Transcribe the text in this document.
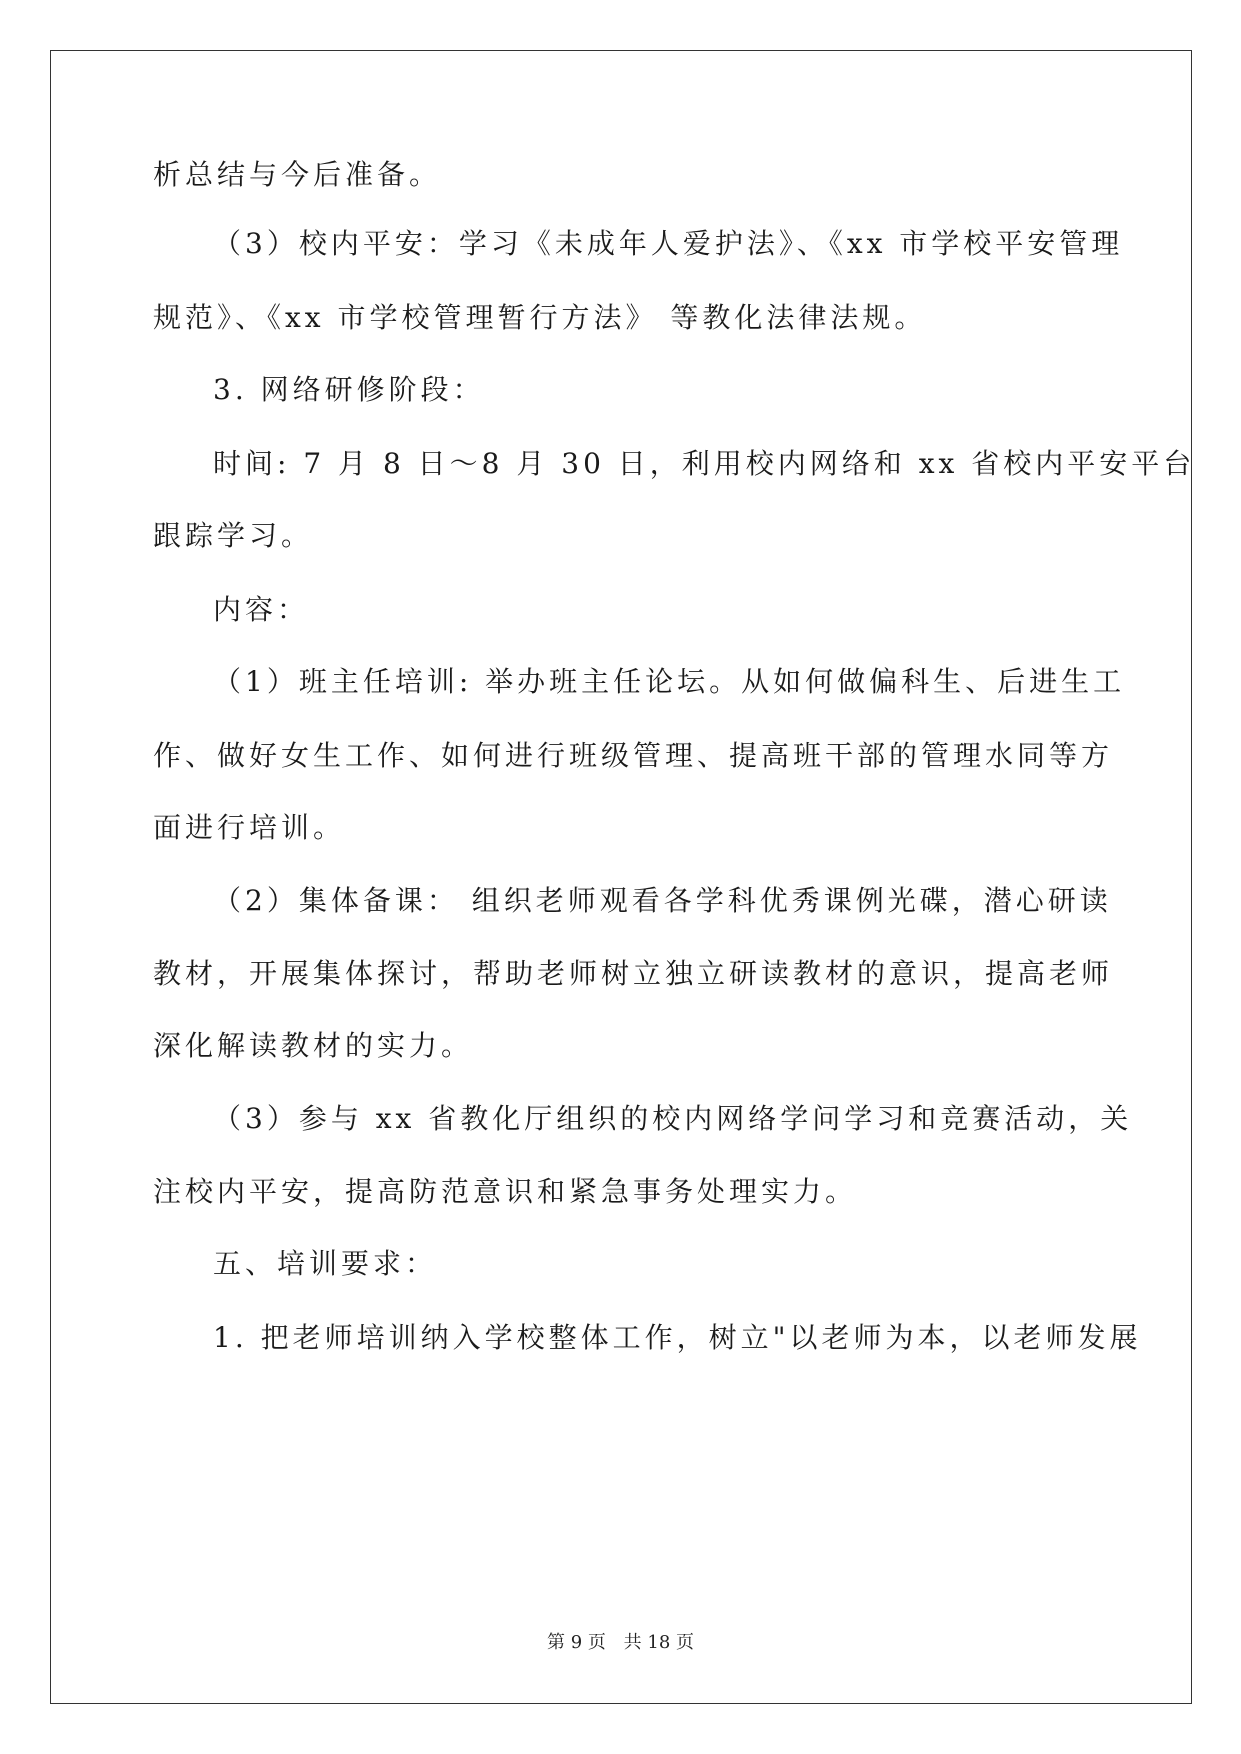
析总结与今后准备。
（3）校内平安：学习《未成年人爱护法》、《xx 市学校平安管理
规范》、《xx 市学校管理暂行方法》 等教化法律法规。
3. 网络研修阶段：
时间: 7 月 8 日～8 月 30 日，利用校内网络和 xx 省校内平安平台
跟踪学习。
内容：
（1）班主任培训: 举办班主任论坛。从如何做偏科生、后进生工
作、做好女生工作、如何进行班级管理、提高班干部的管理水同等方
面进行培训。
（2）集体备课： 组织老师观看各学科优秀课例光碟，潜心研读
教材，开展集体探讨，帮助老师树立独立研读教材的意识，提高老师
深化解读教材的实力。
（3）参与 xx 省教化厅组织的校内网络学问学习和竞赛活动，关
注校内平安，提高防范意识和紧急事务处理实力。
五、培训要求：
1. 把老师培训纳入学校整体工作，树立"以老师为本，以老师发展
第 9 页 共 18 页
